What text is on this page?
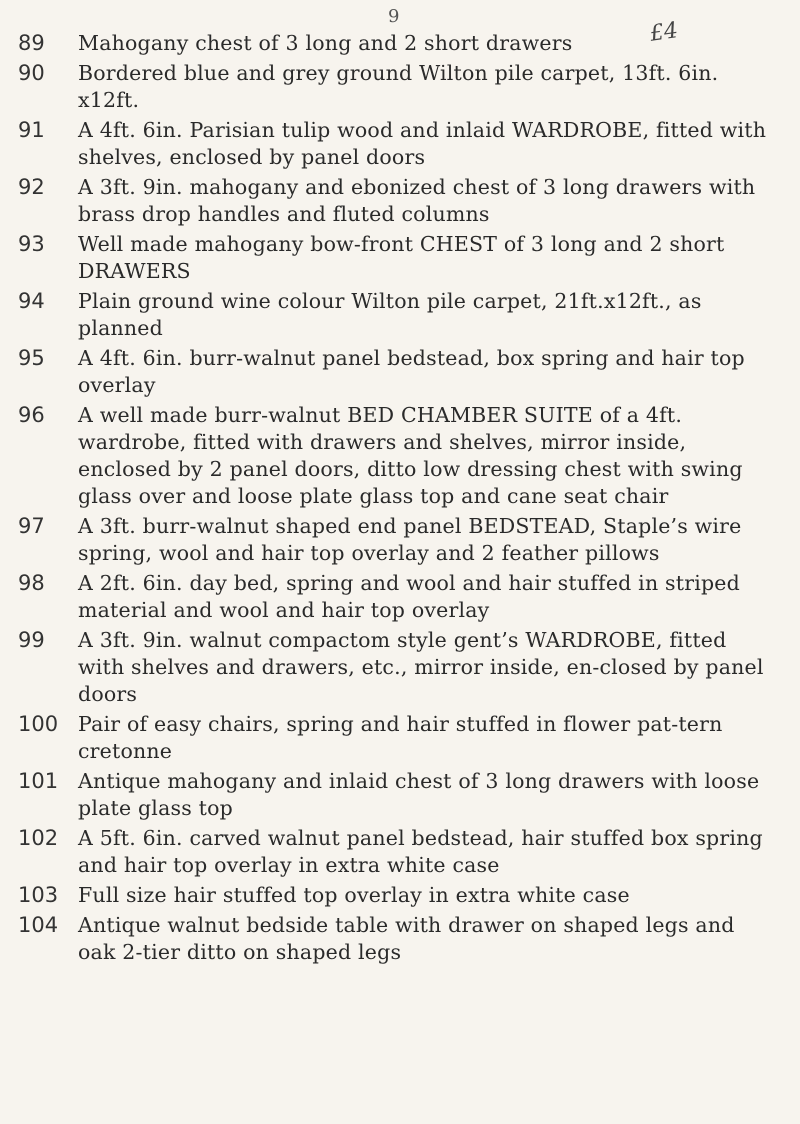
9
£4
89	Mahogany chest of 3 long and 2 short drawers
90	Bordered blue and grey ground Wilton pile carpet, 13ft. 6in. x12ft.
91	A 4ft. 6in. Parisian tulip wood and inlaid WARDROBE, fitted with shelves, enclosed by panel doors
92	A 3ft. 9in. mahogany and ebonized chest of 3 long drawers with brass drop handles and fluted columns
93	Well made mahogany bow-front CHEST of 3 long and 2 short DRAWERS
94	Plain ground wine colour Wilton pile carpet, 21ft.x12ft., as planned
95	A 4ft. 6in. burr-walnut panel bedstead, box spring and hair top overlay
96	A well made burr-walnut BED CHAMBER SUITE of a 4ft. wardrobe, fitted with drawers and shelves, mirror inside, enclosed by 2 panel doors, ditto low dressing chest with swing glass over and loose plate glass top and cane seat chair
97	A 3ft. burr-walnut shaped end panel BEDSTEAD, Staple’s wire spring, wool and hair top overlay and 2 feather pillows
98	A 2ft. 6in. day bed, spring and wool and hair stuffed in striped material and wool and hair top overlay
99	A 3ft. 9in. walnut compactom style gent’s WARDROBE, fitted with shelves and drawers, etc., mirror inside, en-closed by panel doors
100 Pair of easy chairs, spring and hair stuffed in flower pat-tern cretonne
101 Antique mahogany and inlaid chest of 3 long drawers with loose plate glass top
102 A 5ft. 6in. carved walnut panel bedstead, hair stuffed box spring and hair top overlay in extra white case
103 Full size hair stuffed top overlay in extra white case
104 Antique walnut bedside table with drawer on shaped legs and oak 2-tier ditto on shaped legs
